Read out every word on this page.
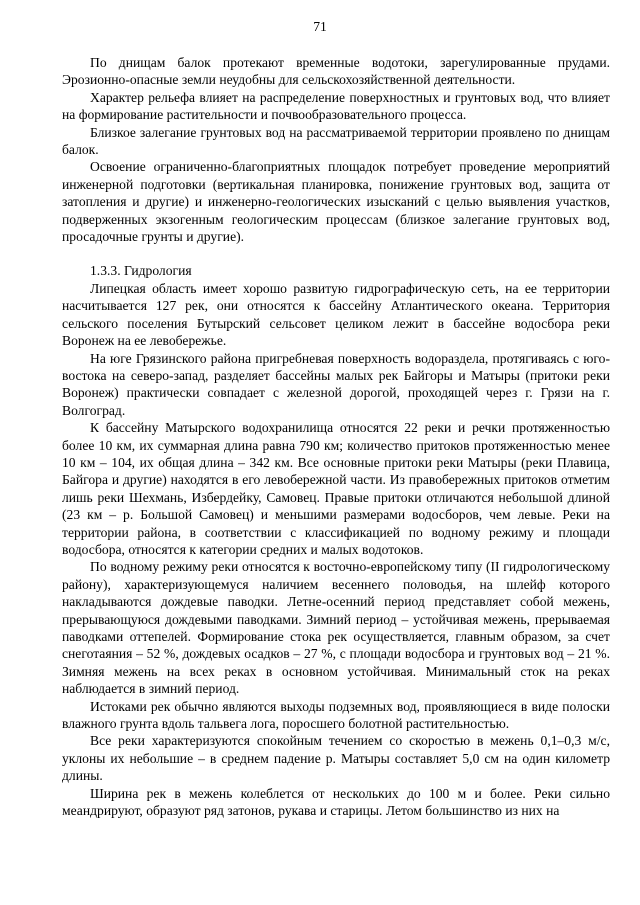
71

По днищам балок протекают временные водотоки, зарегулированные прудами. Эрозионно-опасные земли неудобны для сельскохозяйственной деятельности.

Характер рельефа влияет на распределение поверхностных и грунтовых вод, что влияет на формирование растительности и почвообразовательного процесса.

Близкое залегание грунтовых вод на рассматриваемой территории проявлено по днищам балок.

Освоение ограниченно-благоприятных площадок потребует проведение мероприятий инженерной подготовки (вертикальная планировка, понижение грунтовых вод, защита от затопления и другие) и инженерно-геологических изысканий с целью выявления участков, подверженных экзогенным геологическим процессам (близкое залегание грунтовых вод, просадочные грунты и другие).

1.3.3. Гидрология

Липецкая область имеет хорошо развитую гидрографическую сеть, на ее территории насчитывается 127 рек, они относятся к бассейну Атлантического океана. Территория сельского поселения Бутырский сельсовет целиком лежит в бассейне водосбора реки Воронеж на ее левобережье.

На юге Грязинского района пригребневая поверхность водораздела, протягиваясь с юго-востока на северо-запад, разделяет бассейны малых рек Байгоры и Матыры (притоки реки Воронеж) практически совпадает с железной дорогой, проходящей через г. Грязи на г. Волгоград.

К бассейну Матырского водохранилища относятся 22 реки и речки протяженностью более 10 км, их суммарная длина равна 790 км; количество притоков протяженностью менее 10 км – 104, их общая длина – 342 км. Все основные притоки реки Матыры (реки Плавица, Байгора и другие) находятся в его левобережной части. Из правобережных притоков отметим лишь реки Шехмань, Избердейку, Самовец. Правые притоки отличаются небольшой длиной (23 км – р. Большой Самовец) и меньшими размерами водосборов, чем левые. Реки на территории района, в соответствии с классификацией по водному режиму и площади водосбора, относятся к категории средних и малых водотоков.

По водному режиму реки относятся к восточно-европейскому типу (II гидрологическому району), характеризующемуся наличием весеннего половодья, на шлейф которого накладываются дождевые паводки. Летне-осенний период представляет собой межень, прерывающуюся дождевыми паводками. Зимний период – устойчивая межень, прерываемая паводками оттепелей. Формирование стока рек осуществляется, главным образом, за счет снеготаяния – 52 %, дождевых осадков – 27 %, с площади водосбора и грунтовых вод – 21 %. Зимняя межень на всех реках в основном устойчивая. Минимальный сток на реках наблюдается в зимний период.

Истоками рек обычно являются выходы подземных вод, проявляющиеся в виде полоски влажного грунта вдоль тальвега лога, поросшего болотной растительностью.

Все реки характеризуются спокойным течением со скоростью в межень 0,1–0,3 м/с, уклоны их небольшие – в среднем падение р. Матыры составляет 5,0 см на один километр длины.

Ширина рек в межень колеблется от нескольких до 100 м и более. Реки сильно меандрируют, образуют ряд затонов, рукава и старицы. Летом большинство из них на
